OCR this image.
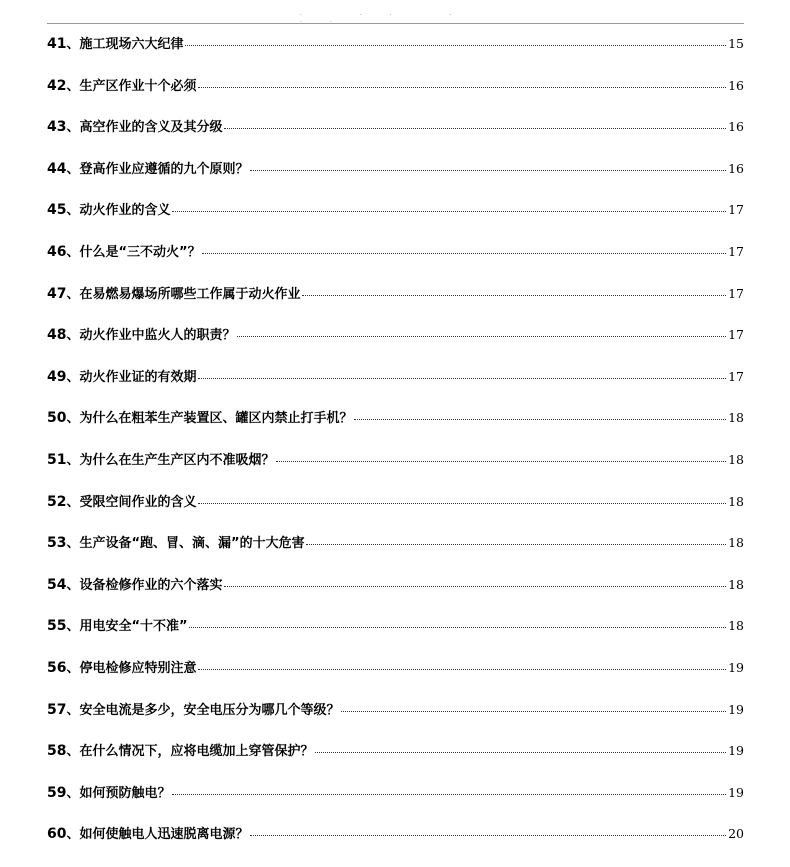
. .. . ..
41 、 施工现场六大纪律	15
42 、 生产区作业十个必须	16
43 、 高空作业的含义及其分级	16
44 、 登高作业应遵循的九个原则？	16
45 、 动火作业的含义	17
46 、 什么是“三不动火”？	17
47 、 在易燃易爆场所哪些工作属于动火作业	17
48 、 动火作业中监火人的职责？	17
49 、 动火作业证的有效期	17
50 、 为什么在粗苯生产装置区、罐区内禁止打手机？	18
51 、 为什么在生产生产区内不准吸烟？	18
52 、 受限空间作业的含义	18
53 、 生产设备“跑、冒、滴、漏”的十大危害	18
54 、 设备检修作业的六个落实	18
55 、 用电安全“十不准”	18
56 、 停电检修应特别注意	19
57 、 安全电流是多少，安全电压分为哪几个等级？	19
58 、 在什么情况下，应将电缆加上穿管保护？	19
59 、 如何预防触电？	19
60 、 如何使触电人迅速脱离电源？	20
